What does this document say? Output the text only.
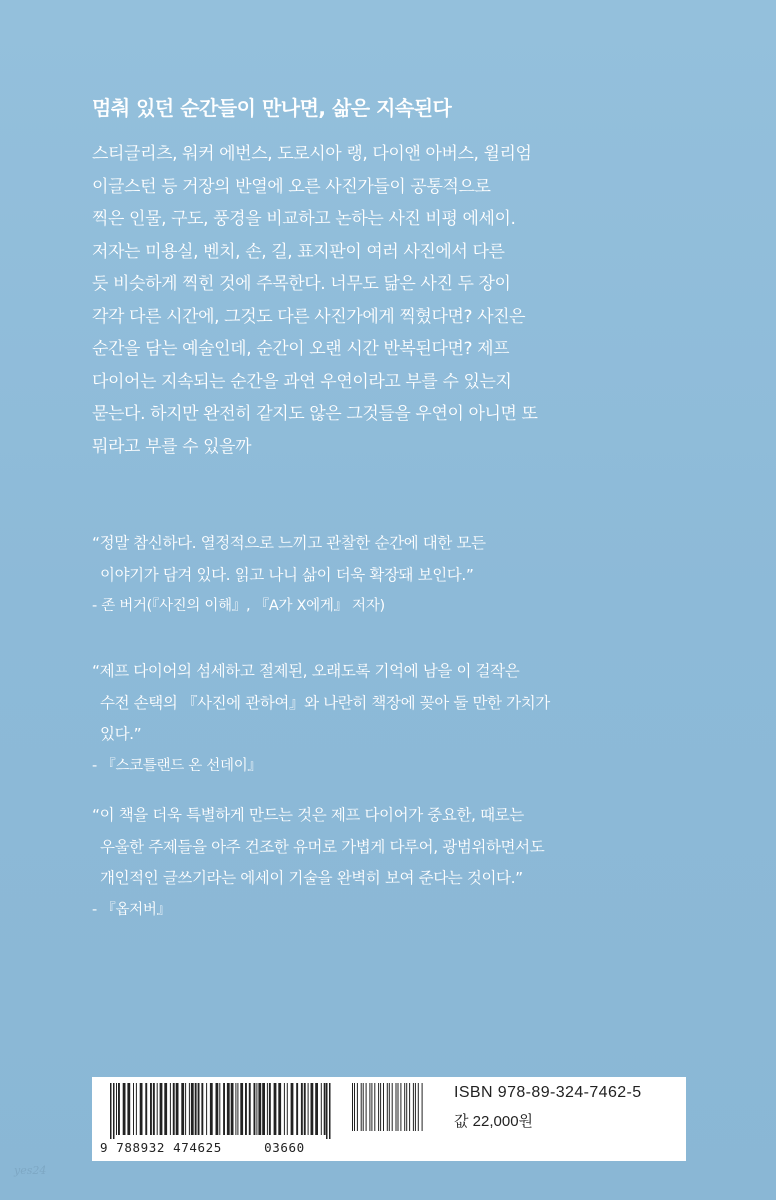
멈춰 있던 순간들이 만나면, 삶은 지속된다
스티글리츠, 워커 에번스, 도로시아 랭, 다이앤 아버스, 윌리엄
이글스턴 등 거장의 반열에 오른 사진가들이 공통적으로
찍은 인물, 구도, 풍경을 비교하고 논하는 사진 비평 에세이.
저자는 미용실, 벤치, 손, 길, 표지판이 여러 사진에서 다른
듯 비슷하게 찍힌 것에 주목한다. 너무도 닮은 사진 두 장이
각각 다른 시간에, 그것도 다른 사진가에게 찍혔다면? 사진은
순간을 담는 예술인데, 순간이 오랜 시간 반복된다면? 제프
다이어는 지속되는 순간을 과연 우연이라고 부를 수 있는지
묻는다. 하지만 완전히 같지도 않은 그것들을 우연이 아니면 또
뭐라고 부를 수 있을까
“정말 참신하다. 열정적으로 느끼고 관찰한 순간에 대한 모든
이야기가 담겨 있다. 읽고 나니 삶이 더욱 확장돼 보인다.”
- 존 버거(『사진의 이해』, 『A가 X에게』 저자)
“제프 다이어의 섬세하고 절제된, 오래도록 기억에 남을 이 걸작은
수전 손택의 『사진에 관하여』와 나란히 책장에 꽂아 둘 만한 가치가
있다.”
- 『스코틀랜드 온 선데이』
“이 책을 더욱 특별하게 만드는 것은 제프 다이어가 중요한, 때로는
우울한 주제들을 아주 건조한 유머로 가볍게 다루어, 광범위하면서도
개인적인 글쓰기라는 에세이 기술을 완벽히 보여 준다는 것이다.”
- 『옵저버』
9 788932 474625	03660
ISBN 978-89-324-7462-5
값 22,000원
yes24
